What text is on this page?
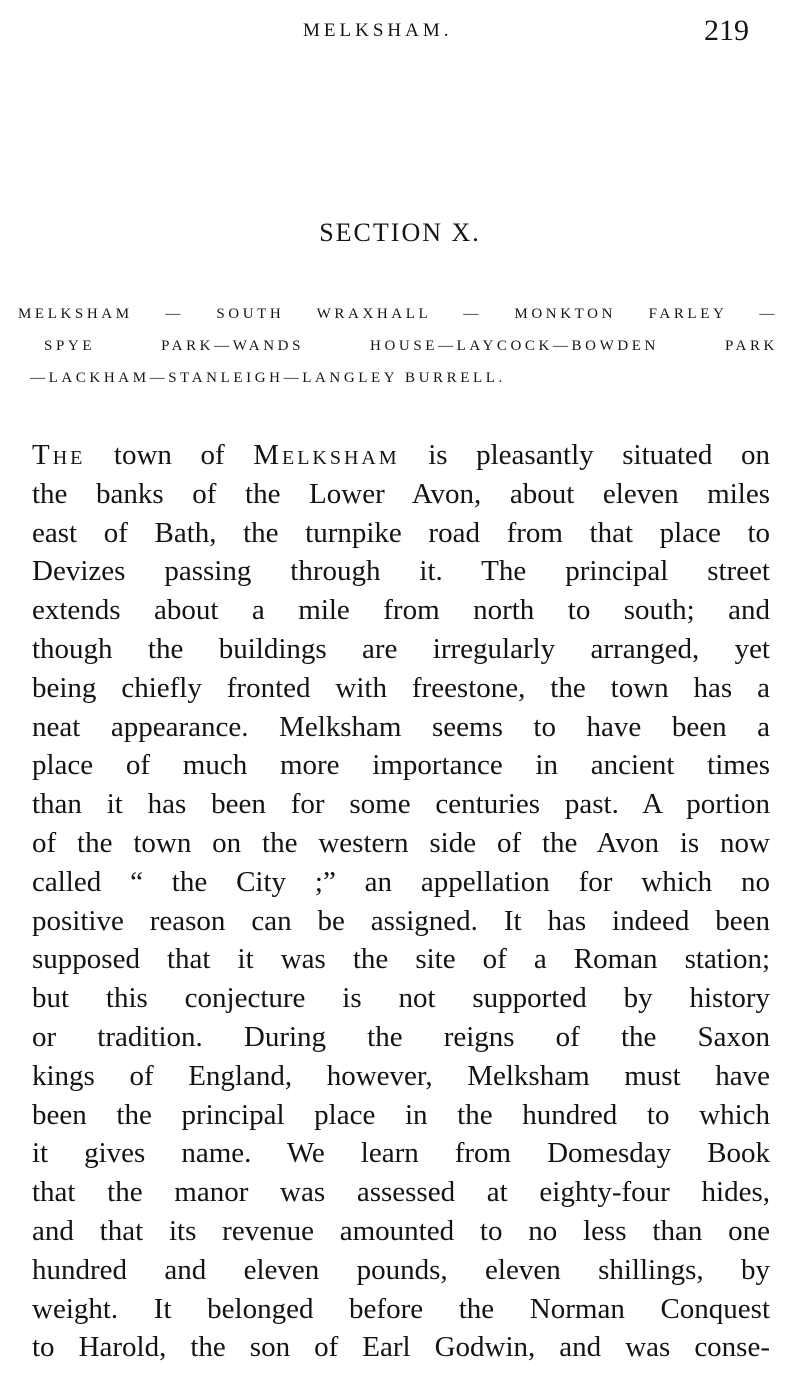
MELKSHAM.	219
SECTION X.
MELKSHAM — SOUTH WRAXHALL — MONKTON FARLEY —
SPYE PARK—WANDS HOUSE—LAYCOCK—BOWDEN PARK
—LACKHAM—STANLEIGH—LANGLEY BURRELL.
The town of Melksham is pleasantly situated on
the banks of the Lower Avon, about eleven miles
east of Bath, the turnpike road from that place to
Devizes passing through it. The principal street
extends about a mile from north to south; and
though the buildings are irregularly arranged, yet
being chiefly fronted with freestone, the town has a
neat appearance. Melksham seems to have been a
place of much more importance in ancient times
than it has been for some centuries past. A portion
of the town on the western side of the Avon is now
called “ the City ;” an appellation for which no
positive reason can be assigned. It has indeed been
supposed that it was the site of a Roman station;
but this conjecture is not supported by history
or tradition. During the reigns of the Saxon
kings of England, however, Melksham must have
been the principal place in the hundred to which
it gives name. We learn from Domesday Book
that the manor was assessed at eighty-four hides,
and that its revenue amounted to no less than one
hundred and eleven pounds, eleven shillings, by
weight. It belonged before the Norman Conquest
to Harold, the son of Earl Godwin, and was conse-
